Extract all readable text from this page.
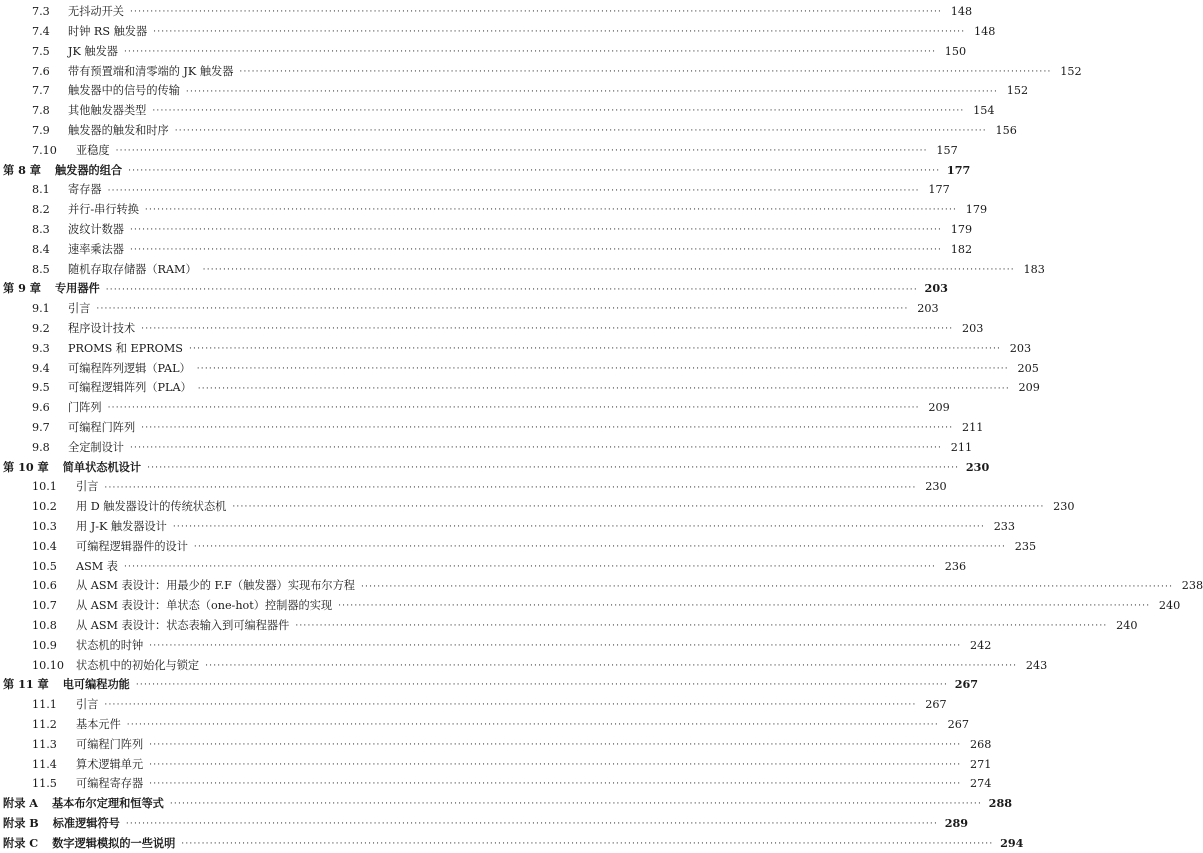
7.3	无抖动开关 ········································································································································································································ 148
7.4	时钟 RS 触发器 ········································································································································································································ 148
7.5	JK 触发器 ········································································································································································································ 150
7.6	带有预置端和清零端的 JK 触发器 ········································································································································································································ 152
7.7	触发器中的信号的传输 ········································································································································································································ 152
7.8	其他触发器类型 ········································································································································································································ 154
7.9	触发器的触发和时序 ········································································································································································································ 156
7.10	亚稳度 ········································································································································································································ 157
第 8 章	触发器的组合 ········································································································································································································ 177
8.1	寄存器 ········································································································································································································ 177
8.2	并行-串行转换 ········································································································································································································ 179
8.3	波纹计数器 ········································································································································································································ 179
8.4	速率乘法器 ········································································································································································································ 182
8.5	随机存取存储器（RAM） ········································································································································································································ 183
第 9 章	专用器件 ········································································································································································································ 203
9.1	引言 ········································································································································································································ 203
9.2	程序设计技术 ········································································································································································································ 203
9.3	PROMS 和 EPROMS ········································································································································································································ 203
9.4	可编程阵列逻辑（PAL） ········································································································································································································ 205
9.5	可编程逻辑阵列（PLA） ········································································································································································································ 209
9.6	门阵列 ········································································································································································································ 209
9.7	可编程门阵列 ········································································································································································································ 211
9.8	全定制设计 ········································································································································································································ 211
第 10 章	简单状态机设计 ········································································································································································································ 230
10.1	引言 ········································································································································································································ 230
10.2	用 D 触发器设计的传统状态机 ········································································································································································································ 230
10.3	用 J-K 触发器设计 ········································································································································································································ 233
10.4	可编程逻辑器件的设计 ········································································································································································································ 235
10.5	ASM 表 ········································································································································································································ 236
10.6	从 ASM 表设计：用最少的 F.F（触发器）实现布尔方程 ········································································································································································································ 238
10.7	从 ASM 表设计：单状态（one-hot）控制器的实现 ········································································································································································································ 240
10.8	从 ASM 表设计：状态表输入到可编程器件 ········································································································································································································ 240
10.9	状态机的时钟 ········································································································································································································ 242
10.10	状态机中的初始化与锁定 ········································································································································································································ 243
第 11 章	电可编程功能 ········································································································································································································ 267
11.1	引言 ········································································································································································································ 267
11.2	基本元件 ········································································································································································································ 267
11.3	可编程门阵列 ········································································································································································································ 268
11.4	算术逻辑单元 ········································································································································································································ 271
11.5	可编程寄存器 ········································································································································································································ 274
附录 A	基本布尔定理和恒等式 ········································································································································································································ 288
附录 B	标准逻辑符号 ········································································································································································································ 289
附录 C	数字逻辑模拟的一些说明 ········································································································································································································ 294
